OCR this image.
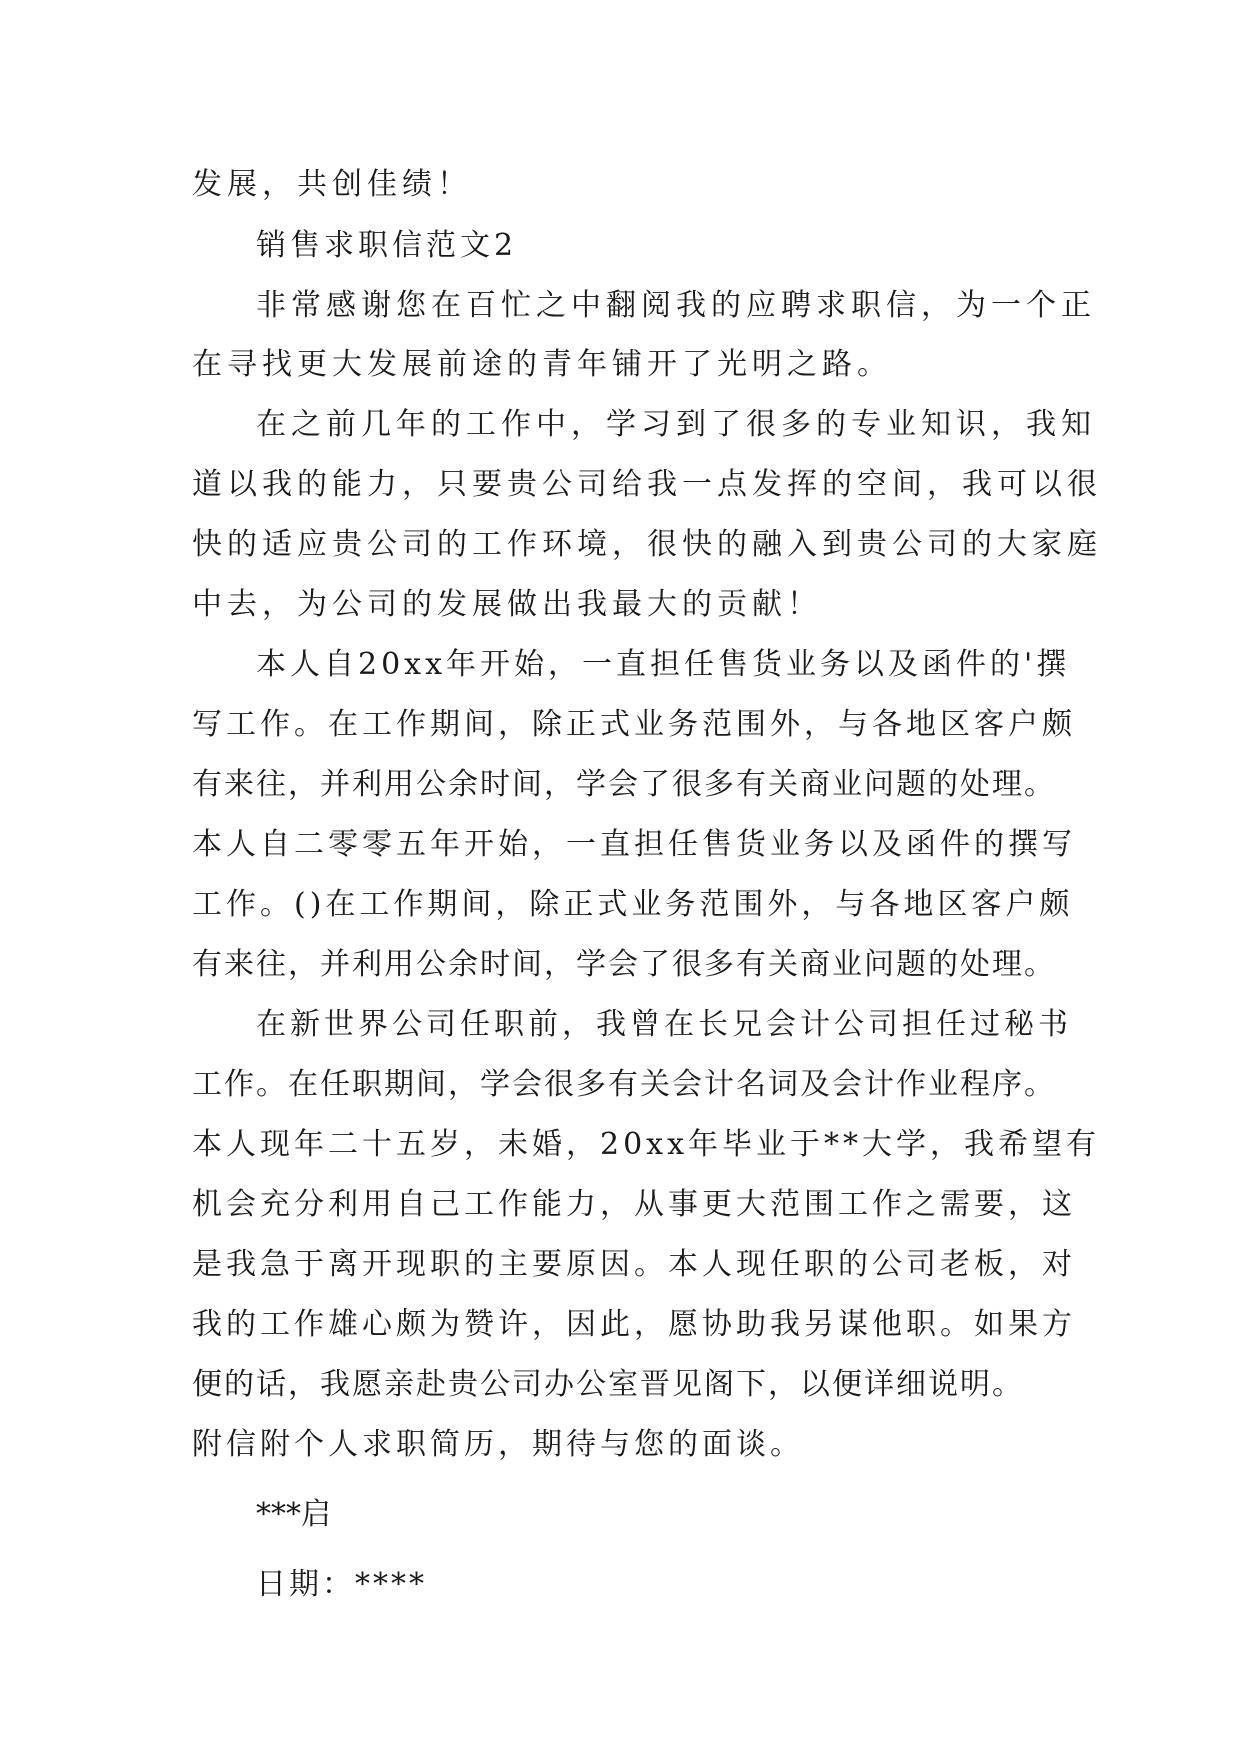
发展，共创佳绩！
销售求职信范文2
非常感谢您在百忙之中翻阅我的应聘求职信，为一个正
在寻找更大发展前途的青年铺开了光明之路。
在之前几年的工作中，学习到了很多的专业知识，我知
道以我的能力，只要贵公司给我一点发挥的空间，我可以很
快的适应贵公司的工作环境，很快的融入到贵公司的大家庭
中去，为公司的发展做出我最大的贡献！
本人自20xx年开始，一直担任售货业务以及函件的'撰
写工作。在工作期间，除正式业务范围外，与各地区客户颇
有来往，并利用公余时间，学会了很多有关商业问题的处理。
本人自二零零五年开始，一直担任售货业务以及函件的撰写
工作。()在工作期间，除正式业务范围外，与各地区客户颇
有来往，并利用公余时间，学会了很多有关商业问题的处理。
在新世界公司任职前，我曾在长兄会计公司担任过秘书
工作。在任职期间，学会很多有关会计名词及会计作业程序。
本人现年二十五岁，未婚，20xx年毕业于**大学，我希望有
机会充分利用自己工作能力，从事更大范围工作之需要，这
是我急于离开现职的主要原因。本人现任职的公司老板，对
我的工作雄心颇为赞许，因此，愿协助我另谋他职。如果方
便的话，我愿亲赴贵公司办公室晋见阁下，以便详细说明。
附信附个人求职简历，期待与您的面谈。
***启
日期：****
